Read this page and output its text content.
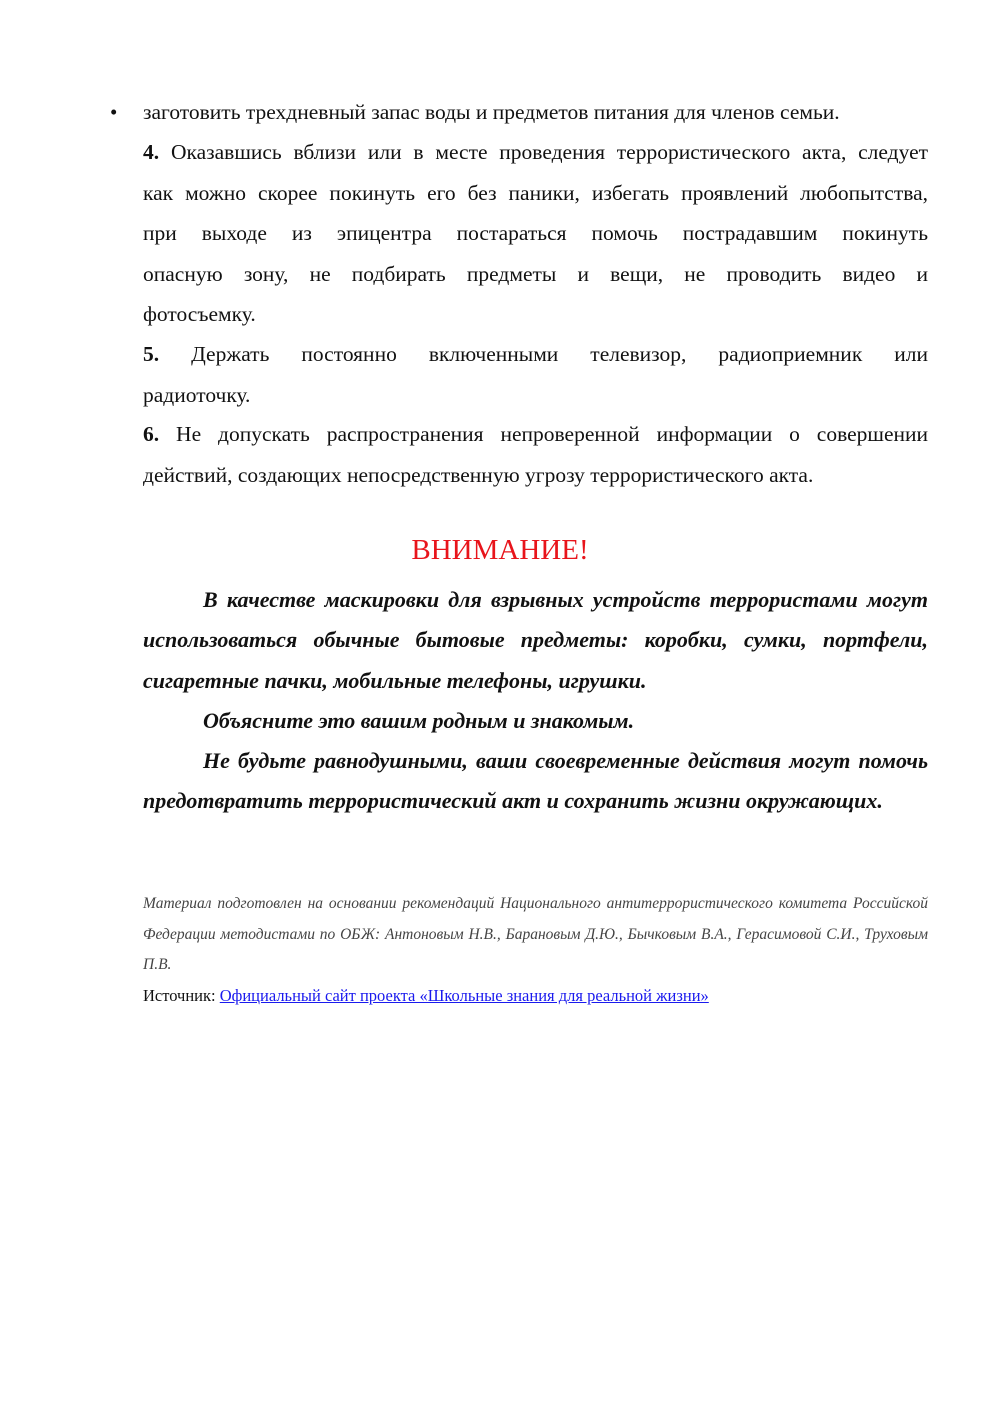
• заготовить трехдневный запас воды и предметов питания для членов семьи.
4. Оказавшись вблизи или в месте проведения террористического акта, следует
как можно скорее покинуть его без паники, избегать проявлений любопытства,
при выходе из эпицентра постараться помочь пострадавшим покинуть
опасную зону, не подбирать предметы и вещи, не проводить видео и
фотосъемку.
5. Держать постоянно включенными телевизор, радиоприемник или
радиоточку.
6. Не допускать распространения непроверенной информации о совершении
действий, создающих непосредственную угрозу террористического акта.
ВНИМАНИЕ!

В качестве маскировки для взрывных устройств террористами могут использоваться обычные бытовые предметы: коробки, сумки, портфели, сигаретные пачки, мобильные телефоны, игрушки.

Объясните это вашим родным и знакомым.

Не будьте равнодушными, ваши своевременные действия могут помочь предотвратить террористический акт и сохранить жизни окружающих.

Материал подготовлен на основании рекомендаций Национального антитеррористического комитета Российской Федерации методистами по ОБЖ: Антоновым Н.В., Барановым Д.Ю., Бычковым В.А., Герасимовой С.И., Труховым П.В.

Источник: Официальный сайт проекта «Школьные знания для реальной жизни»
